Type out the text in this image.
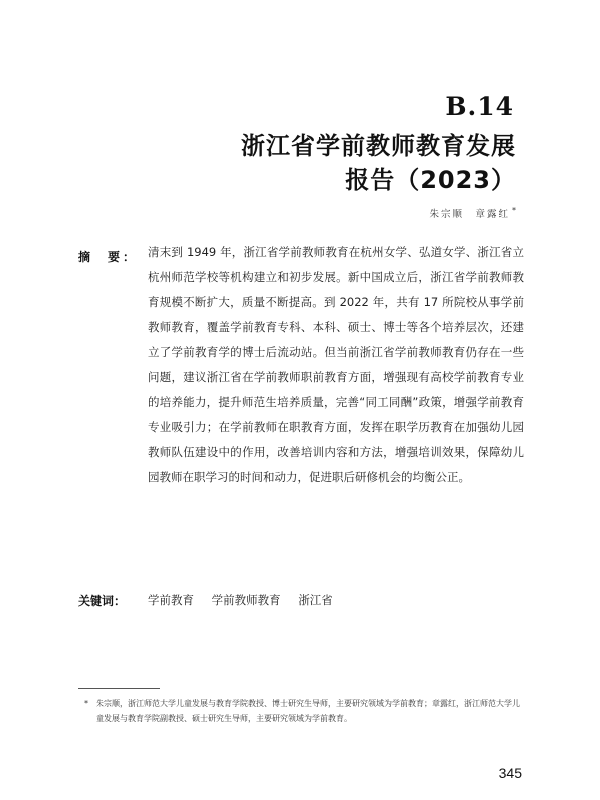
B.14
浙江省学前教师教育发展
报告（2023）
朱宗顺　章露红 *
摘　要： 清末到 1949 年，浙江省学前教师教育在杭州女学、弘道女学、浙江省立杭州师范学校等机构建立和初步发展。新中国成立后，浙江省学前教师教育规模不断扩大，质量不断提高。到 2022 年，共有 17 所院校从事学前教师教育，覆盖学前教育专科、本科、硕士、博士等各个培养层次，还建立了学前教育学的博士后流动站。但当前浙江省学前教师教育仍存在一些问题，建议浙江省在学前教师职前教育方面，增强现有高校学前教育专业的培养能力，提升师范生培养质量，完善“同工同酬”政策，增强学前教育专业吸引力；在学前教师在职教育方面，发挥在职学历教育在加强幼儿园教师队伍建设中的作用，改善培训内容和方法，增强培训效果，保障幼儿园教师在职学习的时间和动力，促进职后研修机会的均衡公正。
关键词： 学前教育 学前教师教育 浙江省
* 朱宗顺，浙江师范大学儿童发展与教育学院教授、博士研究生导师，主要研究领域为学前教育；章露红，浙江师范大学儿童发展与教育学院副教授、硕士研究生导师，主要研究领域为学前教育。
345
